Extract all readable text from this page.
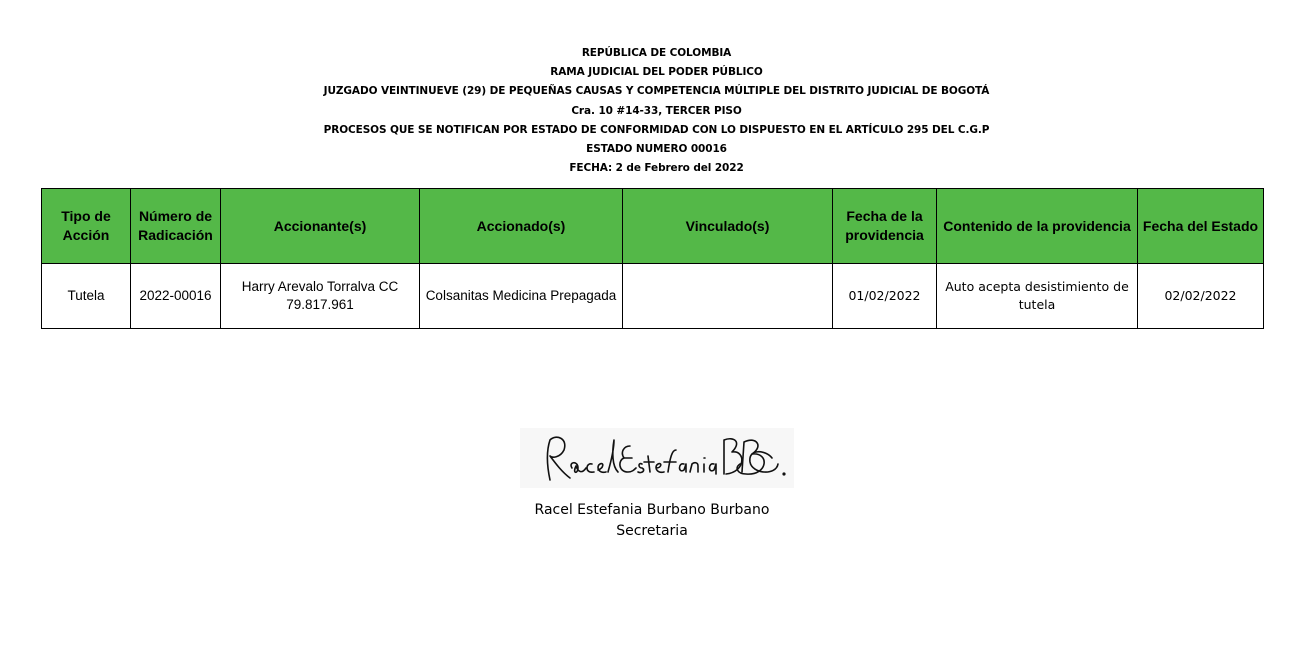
REPÚBLICA DE COLOMBIA
RAMA JUDICIAL DEL PODER PÚBLICO
JUZGADO VEINTINUEVE (29) DE PEQUEÑAS CAUSAS Y COMPETENCIA MÚLTIPLE DEL DISTRITO JUDICIAL DE BOGOTÁ
Cra. 10 #14-33, TERCER PISO
PROCESOS QUE SE NOTIFICAN POR ESTADO DE CONFORMIDAD CON LO DISPUESTO EN EL ARTÍCULO 295 DEL C.G.P
ESTADO NUMERO 00016
FECHA: 2 de Febrero del 2022
Tipo de Acción	Número de Radicación	Accionante(s)	Accionado(s)	Vinculado(s)	Fecha de la providencia	Contenido de la providencia	Fecha del Estado
Tutela	2022-00016	Harry Arevalo Torralva CC 79.817.961	Colsanitas Medicina Prepagada		01/02/2022	Auto acepta desistimiento de tutela	02/02/2022
Racel Estefania Burbano Burbano
Secretaria
